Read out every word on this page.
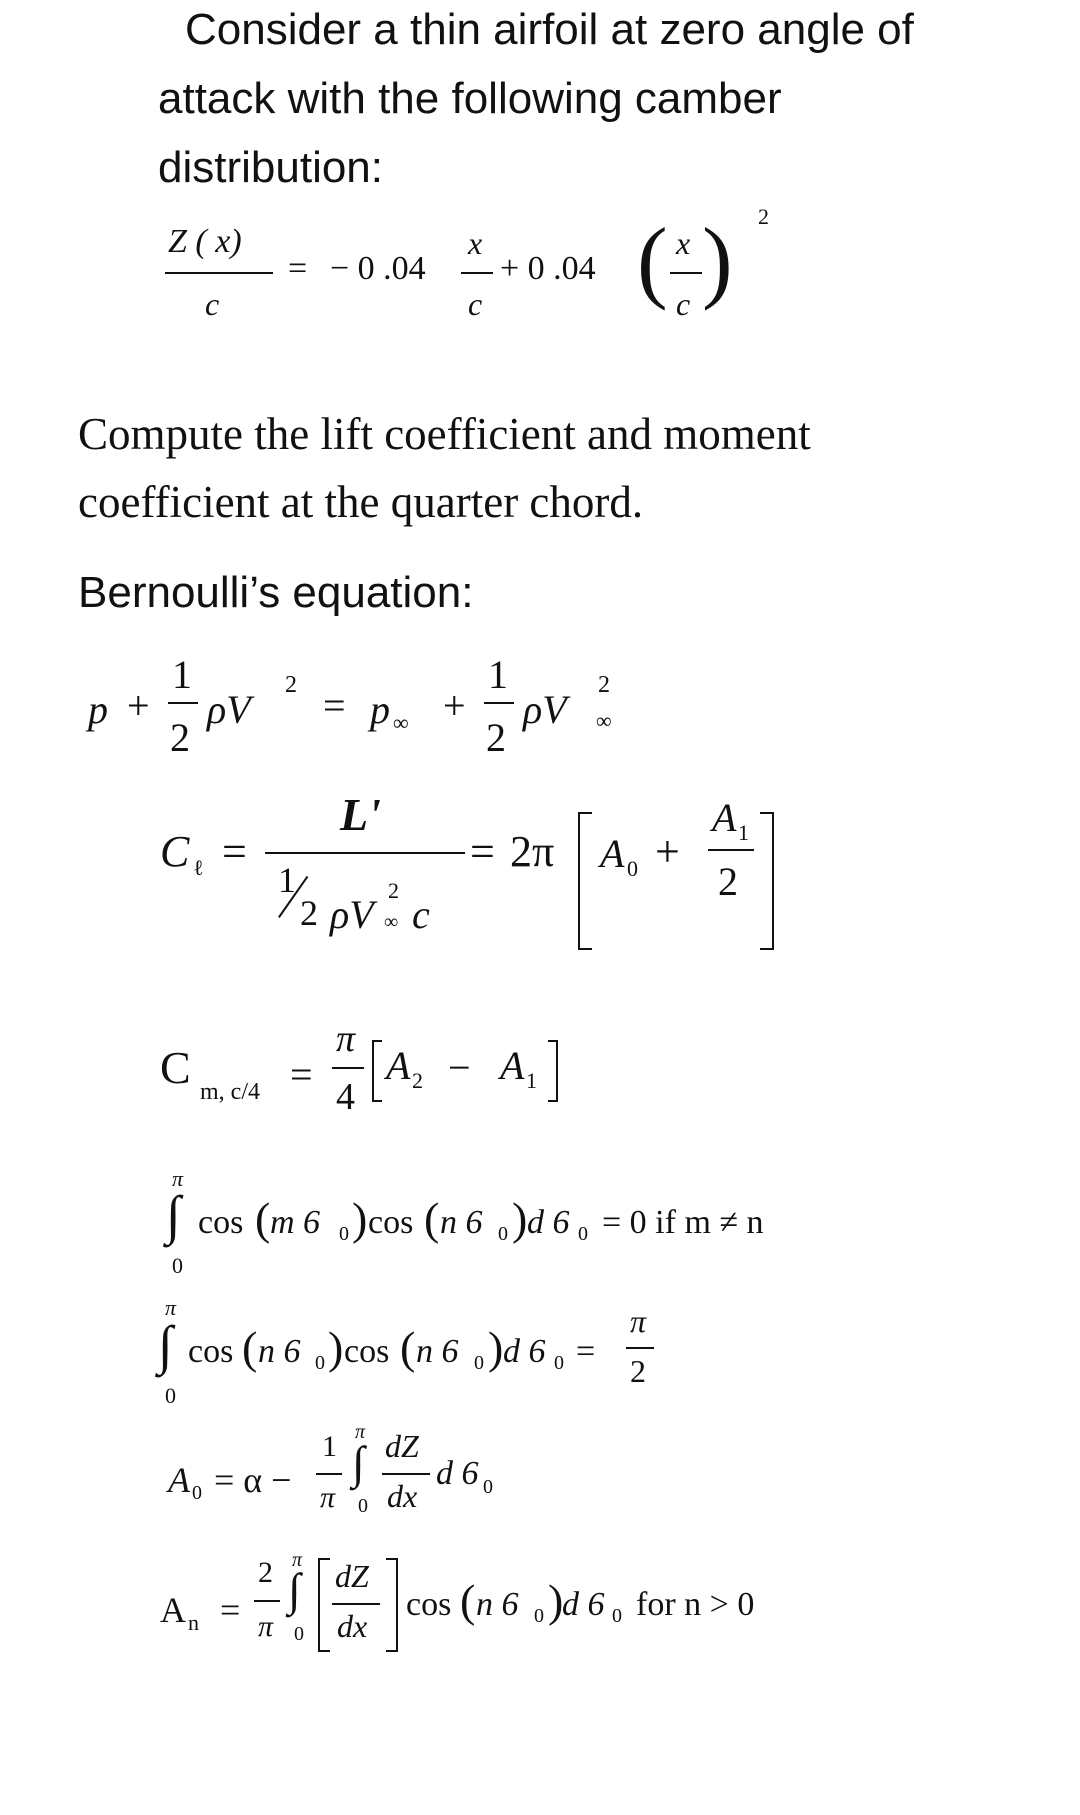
Consider a thin airfoil at zero angle of
attack with the following camber
distribution:
Z ( x)
c
= − 0 .04
x
c
+ 0 .04 ( x
c ) 2
Compute the lift coefficient and moment
coefficient at the quarter chord.
Bernoulli’s equation:
p +
1
2
ρV
2 = p ∞ +
1
2
ρV
2
∞
C ℓ =
L'
1
2 ρV
2
∞ c
= 2π A 0 +
A 1
2
C m, c/4 =
π
4
A 2 − A 1
π
∫
0
cos ( m 6 0 ) cos ( n 6 0 ) d 6 0 = 0 if m ≠ n
π
∫
0
cos ( n 6 0 ) cos ( n 6 0 ) d 6 0 =
π
2
A 0 = α −
1
π
π
∫
0
dZ
dx
d 6 0
A n =
2
π
π
∫
0
dZ
dx
cos ( n 6 0 )
d 6 0 for n > 0
